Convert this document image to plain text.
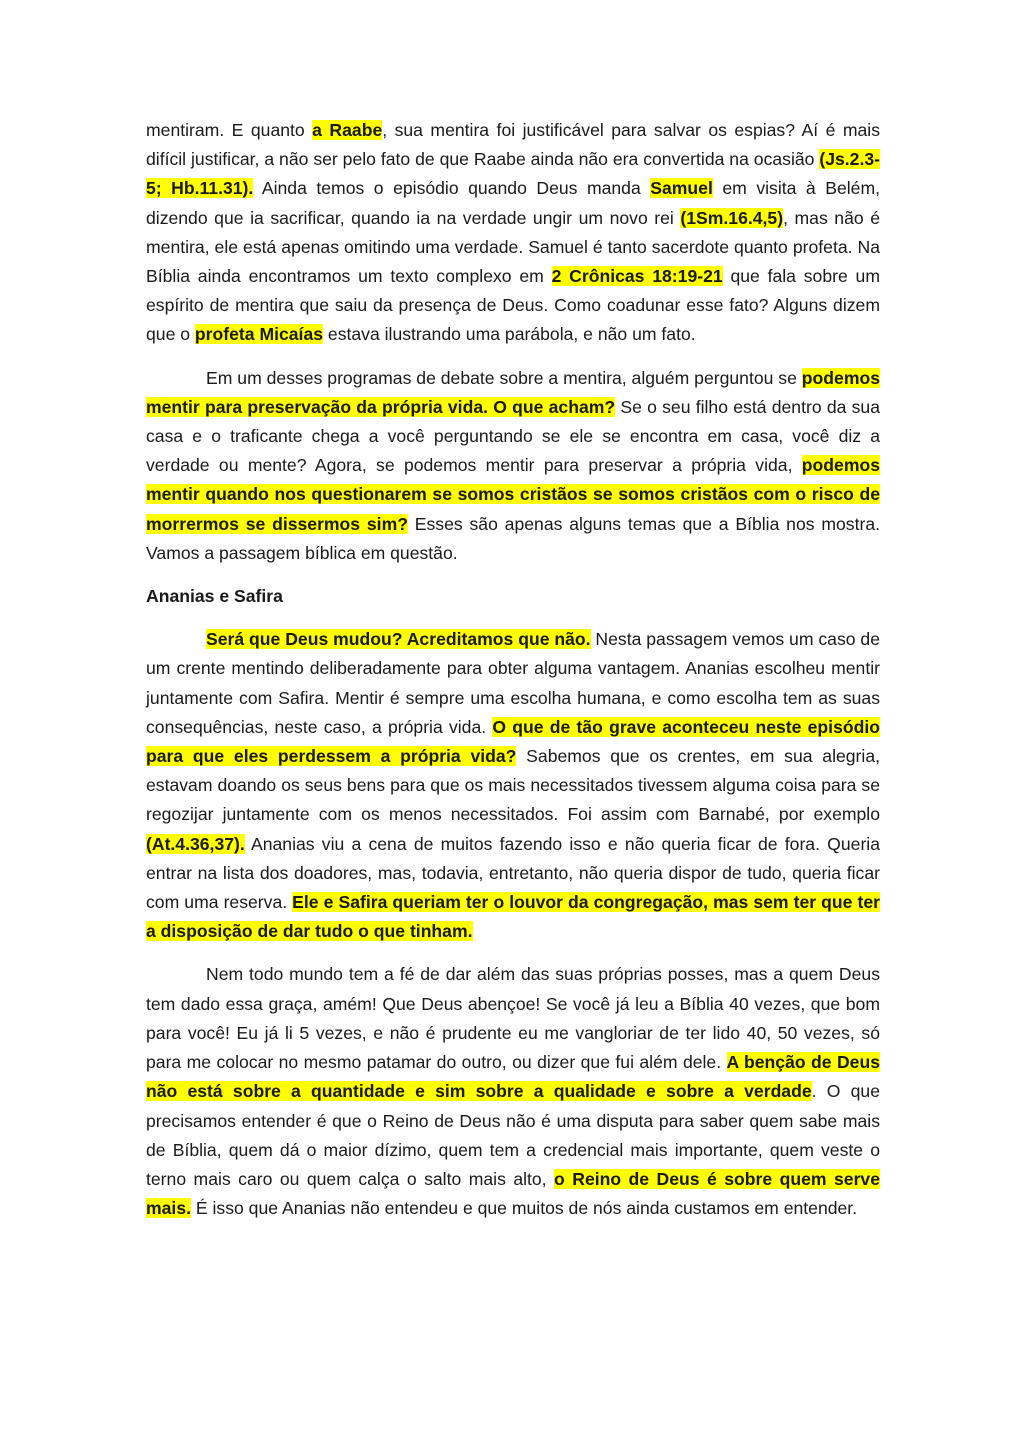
mentiram. E quanto a Raabe, sua mentira foi justificável para salvar os espias? Aí é mais difícil justificar, a não ser pelo fato de que Raabe ainda não era convertida na ocasião (Js.2.3-5; Hb.11.31). Ainda temos o episódio quando Deus manda Samuel em visita à Belém, dizendo que ia sacrificar, quando ia na verdade ungir um novo rei (1Sm.16.4,5), mas não é mentira, ele está apenas omitindo uma verdade. Samuel é tanto sacerdote quanto profeta. Na Bíblia ainda encontramos um texto complexo em 2 Crônicas 18:19-21 que fala sobre um espírito de mentira que saiu da presença de Deus. Como coadunar esse fato? Alguns dizem que o profeta Micaías estava ilustrando uma parábola, e não um fato.

Em um desses programas de debate sobre a mentira, alguém perguntou se podemos mentir para preservação da própria vida. O que acham? Se o seu filho está dentro da sua casa e o traficante chega a você perguntando se ele se encontra em casa, você diz a verdade ou mente? Agora, se podemos mentir para preservar a própria vida, podemos mentir quando nos questionarem se somos cristãos se somos cristãos com o risco de morrermos se dissermos sim? Esses são apenas alguns temas que a Bíblia nos mostra. Vamos a passagem bíblica em questão.

Ananias e Safira

Será que Deus mudou? Acreditamos que não. Nesta passagem vemos um caso de um crente mentindo deliberadamente para obter alguma vantagem. Ananias escolheu mentir juntamente com Safira. Mentir é sempre uma escolha humana, e como escolha tem as suas consequências, neste caso, a própria vida. O que de tão grave aconteceu neste episódio para que eles perdessem a própria vida? Sabemos que os crentes, em sua alegria, estavam doando os seus bens para que os mais necessitados tivessem alguma coisa para se regozijar juntamente com os menos necessitados. Foi assim com Barnabé, por exemplo (At.4.36,37). Ananias viu a cena de muitos fazendo isso e não queria ficar de fora. Queria entrar na lista dos doadores, mas, todavia, entretanto, não queria dispor de tudo, queria ficar com uma reserva. Ele e Safira queriam ter o louvor da congregação, mas sem ter que ter a disposição de dar tudo o que tinham.

Nem todo mundo tem a fé de dar além das suas próprias posses, mas a quem Deus tem dado essa graça, amém! Que Deus abençoe! Se você já leu a Bíblia 40 vezes, que bom para você! Eu já li 5 vezes, e não é prudente eu me vangloriar de ter lido 40, 50 vezes, só para me colocar no mesmo patamar do outro, ou dizer que fui além dele. A benção de Deus não está sobre a quantidade e sim sobre a qualidade e sobre a verdade. O que precisamos entender é que o Reino de Deus não é uma disputa para saber quem sabe mais de Bíblia, quem dá o maior dízimo, quem tem a credencial mais importante, quem veste o terno mais caro ou quem calça o salto mais alto, o Reino de Deus é sobre quem serve mais. É isso que Ananias não entendeu e que muitos de nós ainda custamos em entender.
